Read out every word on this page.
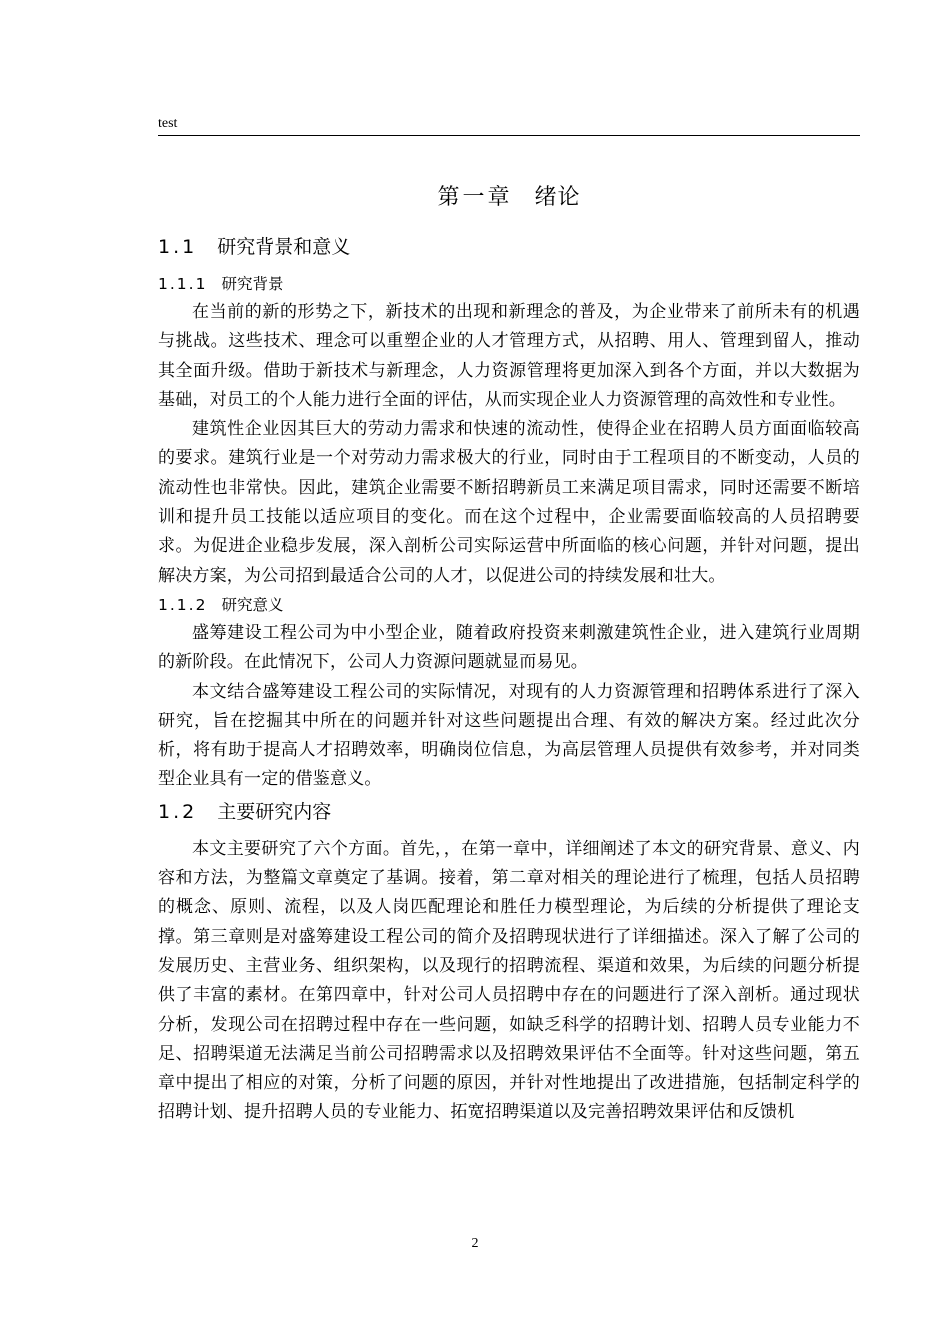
test
第一章 绪论
1.1 研究背景和意义
1.1.1 研究背景

在当前的新的形势之下，新技术的出现和新理念的普及，为企业带来了前所未有的机遇与挑战。这些技术、理念可以重塑企业的人才管理方式，从招聘、用人、管理到留人，推动其全面升级。借助于新技术与新理念，人力资源管理将更加深入到各个方面，并以大数据为基础，对员工的个人能力进行全面的评估，从而实现企业人力资源管理的高效性和专业性。

建筑性企业因其巨大的劳动力需求和快速的流动性，使得企业在招聘人员方面面临较高的要求。建筑行业是一个对劳动力需求极大的行业，同时由于工程项目的不断变动，人员的流动性也非常快。因此，建筑企业需要不断招聘新员工来满足项目需求，同时还需要不断培训和提升员工技能以适应项目的变化。而在这个过程中，企业需要面临较高的人员招聘要求。为促进企业稳步发展，深入剖析公司实际运营中所面临的核心问题，并针对问题，提出解决方案，为公司招到最适合公司的人才，以促进公司的持续发展和壮大。

1.1.2 研究意义

盛筹建设工程公司为中小型企业，随着政府投资来刺激建筑性企业，进入建筑行业周期的新阶段。在此情况下，公司人力资源问题就显而易见。

本文结合盛筹建设工程公司的实际情况，对现有的人力资源管理和招聘体系进行了深入研究，旨在挖掘其中所在的问题并针对这些问题提出合理、有效的解决方案。经过此次分析，将有助于提高人才招聘效率，明确岗位信息，为高层管理人员提供有效参考，并对同类型企业具有一定的借鉴意义。

1.2 主要研究内容

本文主要研究了六个方面。首先，，在第一章中，详细阐述了本文的研究背景、意义、内容和方法，为整篇文章奠定了基调。接着，第二章对相关的理论进行了梳理，包括人员招聘的概念、原则、流程，以及人岗匹配理论和胜任力模型理论，为后续的分析提供了理论支撑。第三章则是对盛筹建设工程公司的简介及招聘现状进行了详细描述。深入了解了公司的发展历史、主营业务、组织架构，以及现行的招聘流程、渠道和效果，为后续的问题分析提供了丰富的素材。在第四章中，针对公司人员招聘中存在的问题进行了深入剖析。通过现状分析，发现公司在招聘过程中存在一些问题，如缺乏科学的招聘计划、招聘人员专业能力不足、招聘渠道无法满足当前公司招聘需求以及招聘效果评估不全面等。针对这些问题，第五章中提出了相应的对策，分析了问题的原因，并针对性地提出了改进措施，包括制定科学的招聘计划、提升招聘人员的专业能力、拓宽招聘渠道以及完善招聘效果评估和反馈机

2
